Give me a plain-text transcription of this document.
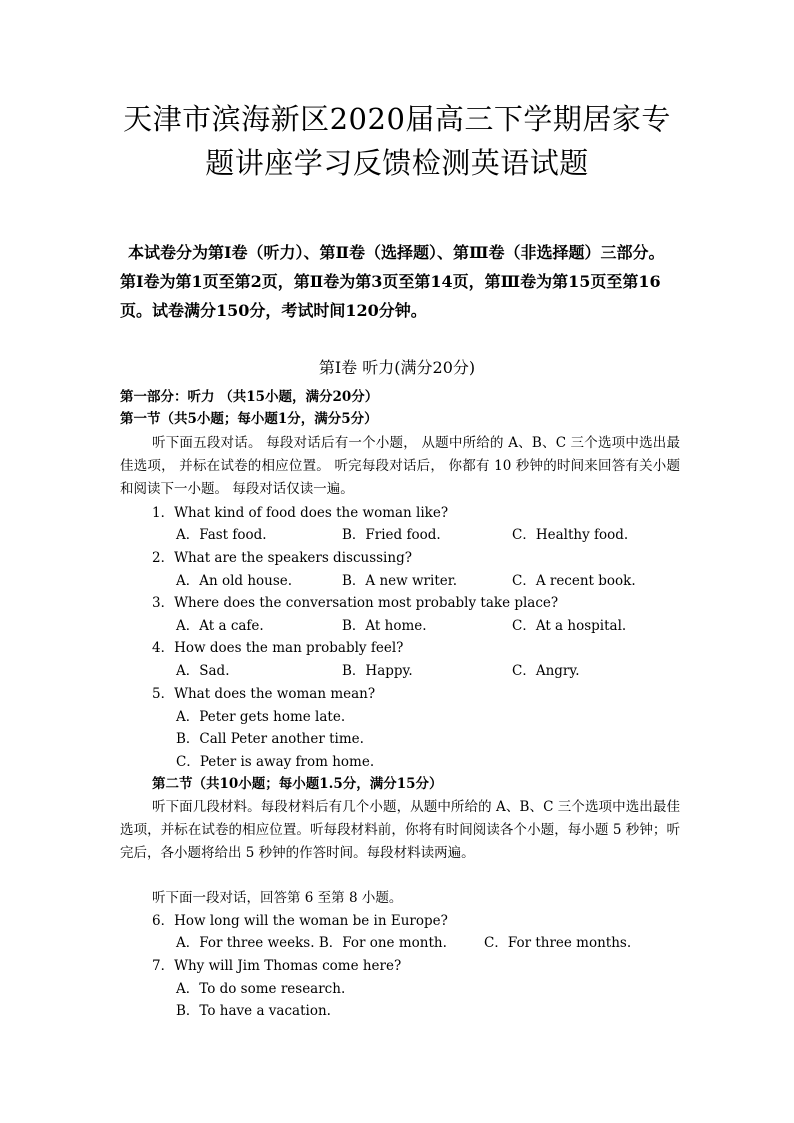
天津市滨海新区2020届高三下学期居家专
题讲座学习反馈检测英语试题
本试卷分为第Ⅰ卷（听力）、第Ⅱ卷（选择题）、第Ⅲ卷（非选择题）三部分。第Ⅰ卷为第1页至第2页，第Ⅱ卷为第3页至第14页，第Ⅲ卷为第15页至第16页。试卷满分150分，考试时间120分钟。
第Ⅰ卷 听力(满分20分)
第一部分：听力 （共15小题，满分20分）
第一节（共5小题；每小题1分，满分5分）
听下面五段对话。 每段对话后有一个小题， 从题中所给的 A、B、C 三个选项中选出最佳选项， 并标在试卷的相应位置。 听完每段对话后， 你都有 10 秒钟的时间来回答有关小题和阅读下一小题。 每段对话仅读一遍。
1．What kind of food does the woman like?
A．Fast food.	B．Fried food.	C．Healthy food.
2．What are the speakers discussing?
A．An old house.	B．A new writer.	C．A recent book.
3．Where does the conversation most probably take place?
A．At a cafe.	B．At home.	C．At a hospital.
4．How does the man probably feel?
A．Sad.	B．Happy.	C．Angry.
5．What does the woman mean?
A．Peter gets home late.
B．Call Peter another time.
C．Peter is away from home.
第二节（共10小题；每小题1.5分，满分15分）
听下面几段材料。每段材料后有几个小题，从题中所给的 A、B、C 三个选项中选出最佳选项，并标在试卷的相应位置。听每段材料前，你将有时间阅读各个小题，每小题 5 秒钟；听完后，各小题将给出 5 秒钟的作答时间。每段材料读两遍。
听下面一段对话，回答第 6 至第 8 小题。
6．How long will the woman be in Europe?
A．For three weeks. B．For one month.	C．For three months.
7．Why will Jim Thomas come here?
A．To do some research.
B．To have a vacation.
